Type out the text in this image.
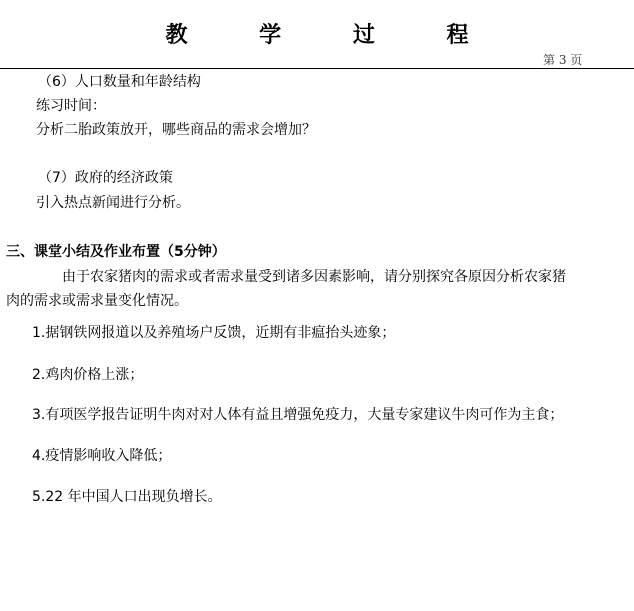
教 学 过 程
第 3 页
（6）人口数量和年龄结构
练习时间：
分析二胎政策放开，哪些商品的需求会增加？
（7）政府的经济政策
引入热点新闻进行分析。
三、课堂小结及作业布置（5分钟）
由于农家猪肉的需求或者需求量受到诸多因素影响，请分别探究各原因分析农家猪
肉的需求或需求量变化情况。
1.据钢铁网报道以及养殖场户反馈，近期有非瘟抬头迹象；
2.鸡肉价格上涨；
3.有项医学报告证明牛肉对对人体有益且增强免疫力，大量专家建议牛肉可作为主食；
4.疫情影响收入降低；
5.22 年中国人口出现负增长。
